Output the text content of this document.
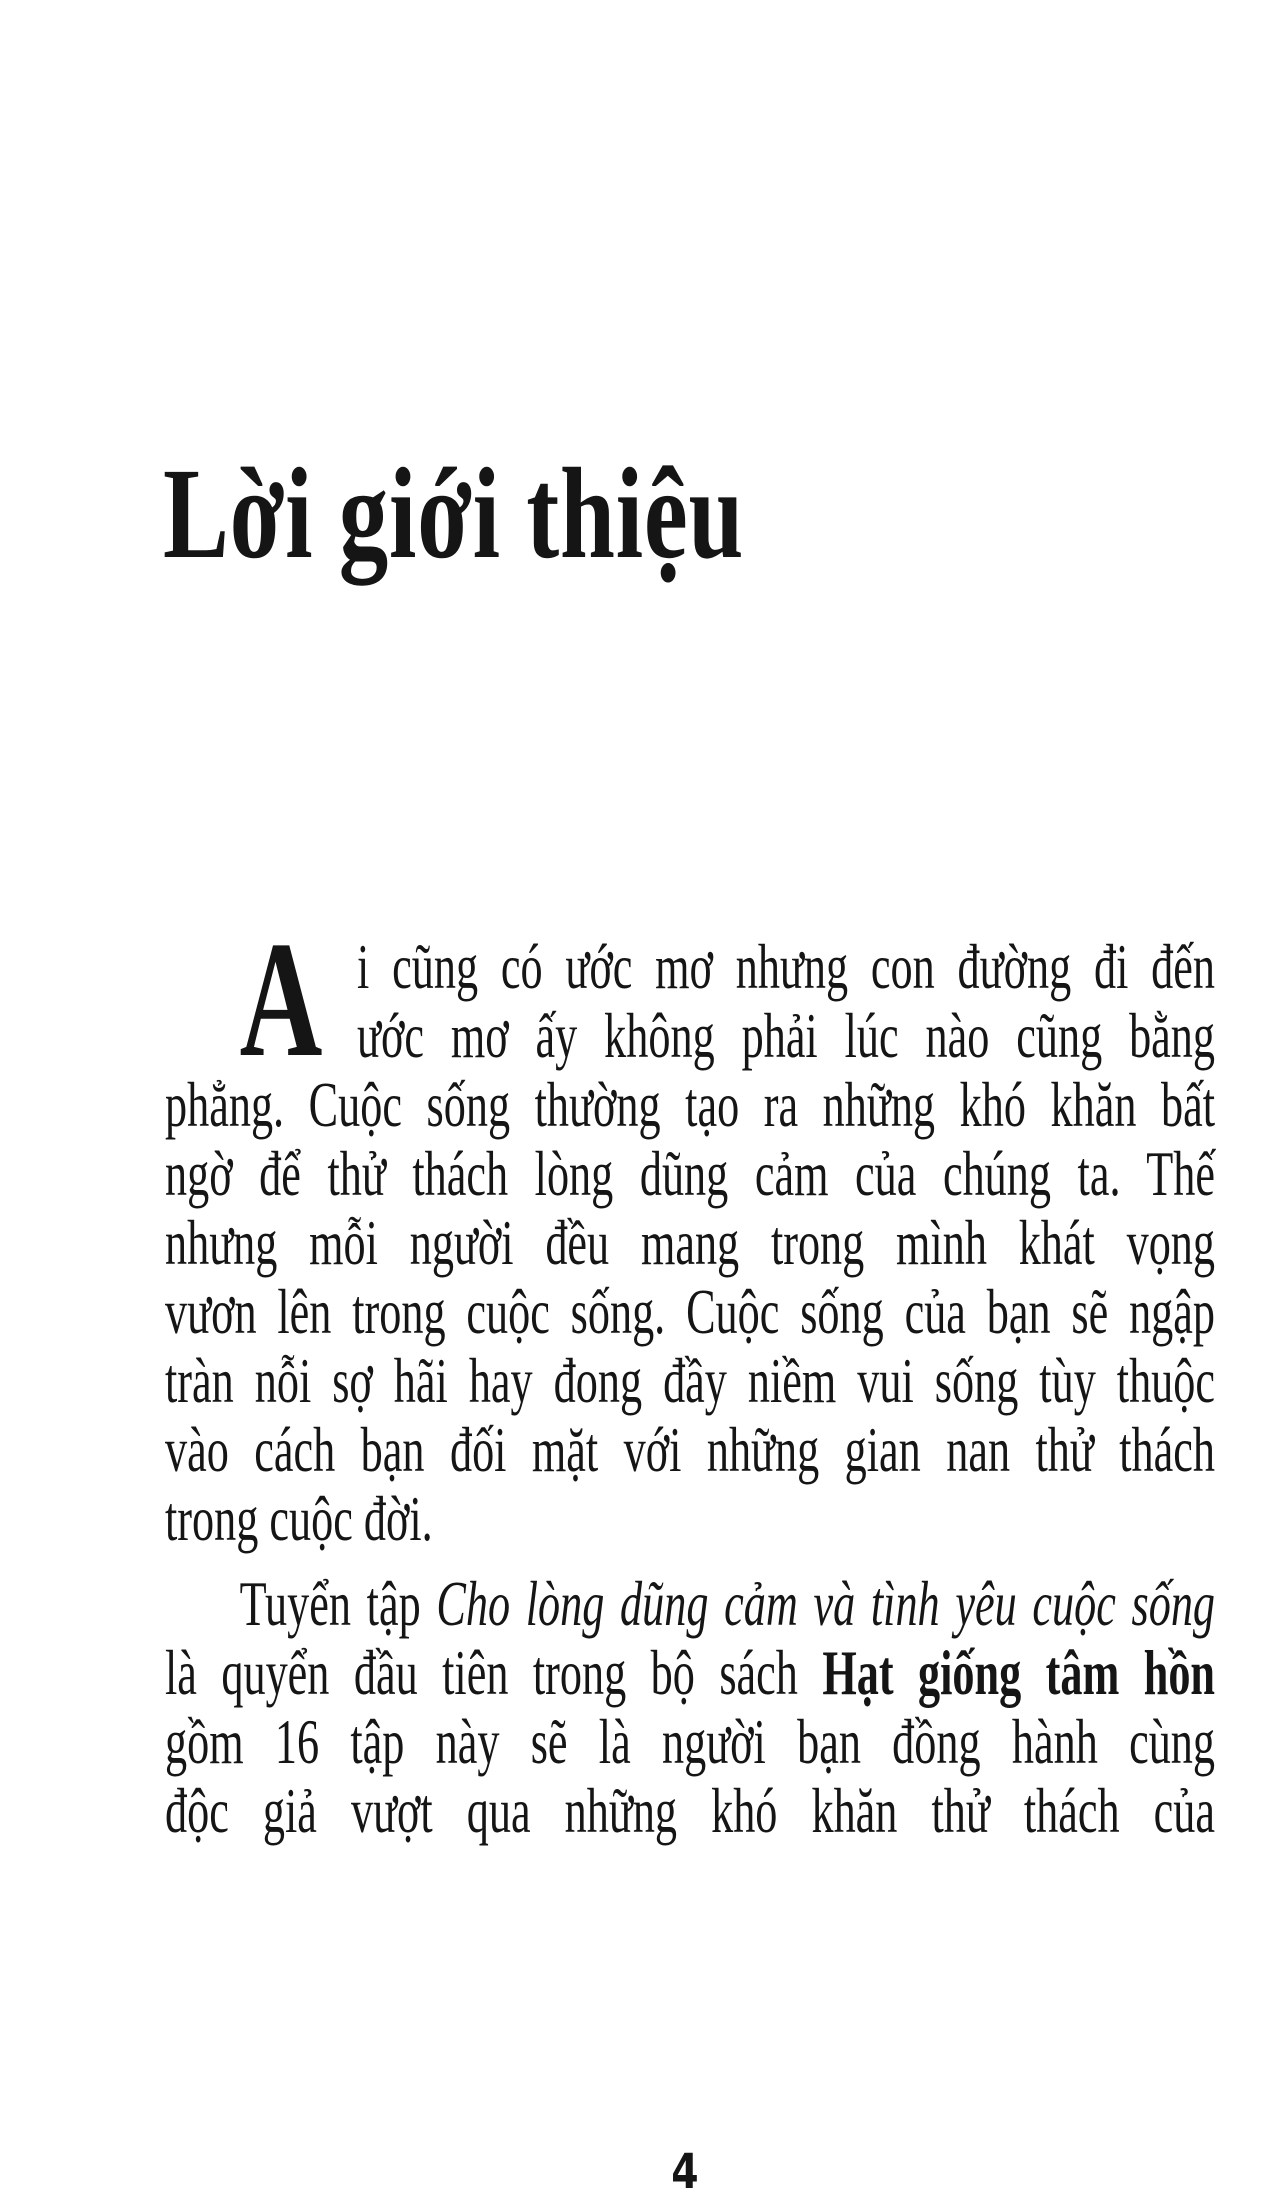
Lời giới thiệu
A i cũng có ước mơ nhưng con đường đi đến
ước mơ ấy không phải lúc nào cũng bằng
phẳng. Cuộc sống thường tạo ra những khó khăn bất
ngờ để thử thách lòng dũng cảm của chúng ta. Thế
nhưng mỗi người đều mang trong mình khát vọng
vươn lên trong cuộc sống. Cuộc sống của bạn sẽ ngập
tràn nỗi sợ hãi hay đong đầy niềm vui sống tùy thuộc
vào cách bạn đối mặt với những gian nan thử thách
trong cuộc đời.
Tuyển tập Cho lòng dũng cảm và tình yêu cuộc sống
là quyển đầu tiên trong bộ sách Hạt giống tâm hồn
gồm 16 tập này sẽ là người bạn đồng hành cùng
độc giả vượt qua những khó khăn thử thách của
4
